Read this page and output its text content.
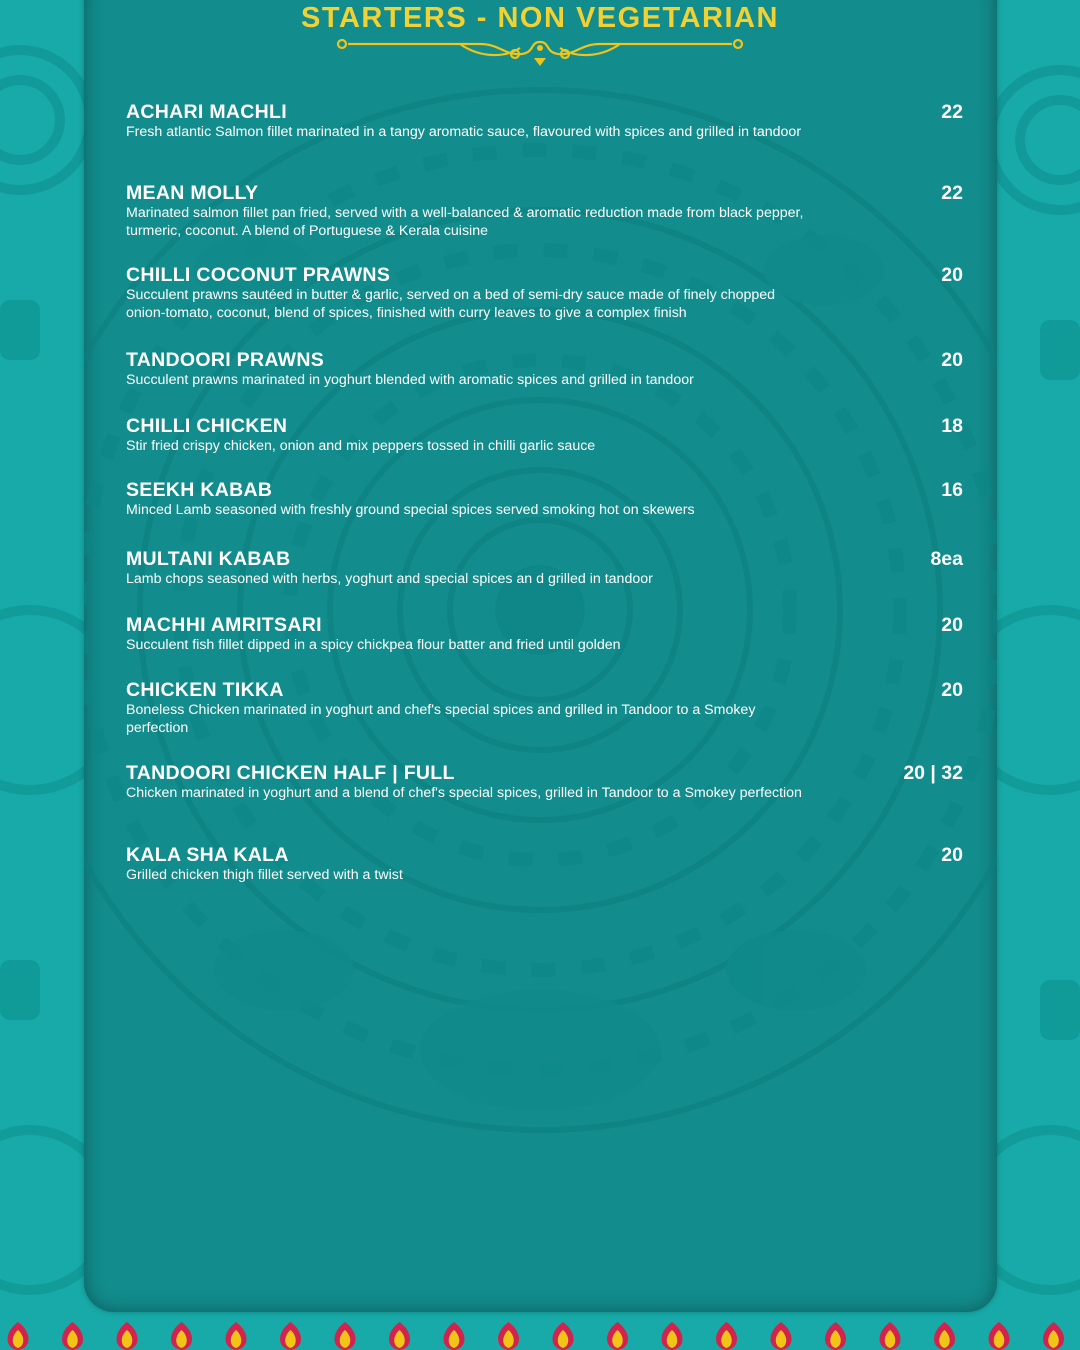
STARTERS - NON VEGETARIAN
ACHARI MACHLI
Fresh atlantic Salmon fillet marinated in a tangy aromatic sauce, flavoured with spices and grilled in tandoor
22
MEAN MOLLY
Marinated salmon fillet pan fried, served with a well-balanced & aromatic reduction made from black pepper, turmeric, coconut. A blend of Portuguese & Kerala cuisine
22
CHILLI COCONUT PRAWNS
Succulent prawns sautéed in butter & garlic, served on a bed of semi-dry sauce made of finely chopped onion-tomato, coconut, blend of spices, finished with curry leaves to give a complex finish
20
TANDOORI PRAWNS
Succulent prawns marinated in yoghurt blended with aromatic spices and grilled in tandoor
20
CHILLI CHICKEN
Stir fried crispy chicken, onion and mix peppers tossed in chilli garlic sauce
18
SEEKH KABAB
Minced Lamb seasoned with freshly ground special spices served smoking hot on skewers
16
MULTANI KABAB
Lamb chops seasoned with herbs, yoghurt and special spices an d grilled in tandoor
8ea
MACHHI AMRITSARI
Succulent fish fillet dipped in a spicy chickpea flour batter and fried until golden
20
CHICKEN TIKKA
Boneless Chicken marinated in yoghurt and chef's special spices and grilled in Tandoor to a Smokey perfection
20
TANDOORI CHICKEN HALF | FULL
Chicken marinated in yoghurt and a blend of chef's special spices, grilled in Tandoor to a Smokey perfection
20 | 32
KALA SHA KALA
Grilled chicken thigh fillet served with a twist
20
